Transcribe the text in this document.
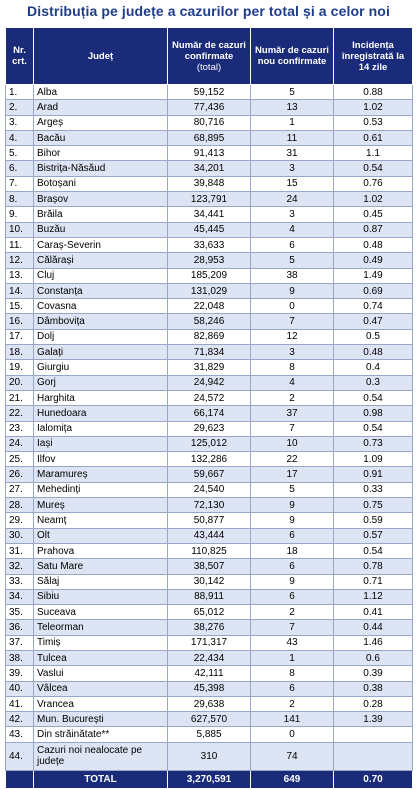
Distribuția pe județe a cazurilor per total și a celor noi
Nr. crt.	Județ	Număr de cazuri confirmate
(total)	Număr de cazuri nou confirmate	Incidența înregistrată la 14 zile
1.	Alba	59,152	5	0.88
2.	Arad	77,436	13	1.02
3.	Argeș	80,716	1	0.53
4.	Bacău	68,895	11	0.61
5.	Bihor	91,413	31	1.1
6.	Bistrița-Năsăud	34,201	3	0.54
7.	Botoșani	39,848	15	0.76
8.	Brașov	123,791	24	1.02
9.	Brăila	34,441	3	0.45
10.	Buzău	45,445	4	0.87
11.	Caraș-Severin	33,633	6	0.48
12.	Călărași	28,953	5	0.49
13.	Cluj	185,209	38	1.49
14.	Constanța	131,029	9	0.69
15.	Covasna	22,048	0	0.74
16.	Dâmbovița	58,246	7	0.47
17.	Dolj	82,869	12	0.5
18.	Galați	71,834	3	0.48
19.	Giurgiu	31,829	8	0.4
20.	Gorj	24,942	4	0.3
21.	Harghita	24,572	2	0.54
22.	Hunedoara	66,174	37	0.98
23.	Ialomița	29,623	7	0.54
24.	Iași	125,012	10	0.73
25.	Ilfov	132,286	22	1.09
26.	Maramureș	59,667	17	0.91
27.	Mehedinți	24,540	5	0.33
28.	Mureș	72,130	9	0.75
29.	Neamț	50,877	9	0.59
30.	Olt	43,444	6	0.57
31.	Prahova	110,825	18	0.54
32.	Satu Mare	38,507	6	0.78
33.	Sălaj	30,142	9	0.71
34.	Sibiu	88,911	6	1.12
35.	Suceava	65,012	2	0.41
36.	Teleorman	38,276	7	0.44
37.	Timiș	171,317	43	1.46
38.	Tulcea	22,434	1	0.6
39.	Vaslui	42,111	8	0.39
40.	Vâlcea	45,398	6	0.38
41.	Vrancea	29,638	2	0.28
42.	Mun. București	627,570	141	1.39
43.	Din străinătate**	5,885	0	
44.	Cazuri noi nealocate pe județe	310	74	
	TOTAL	3,270,591	649	0.70
